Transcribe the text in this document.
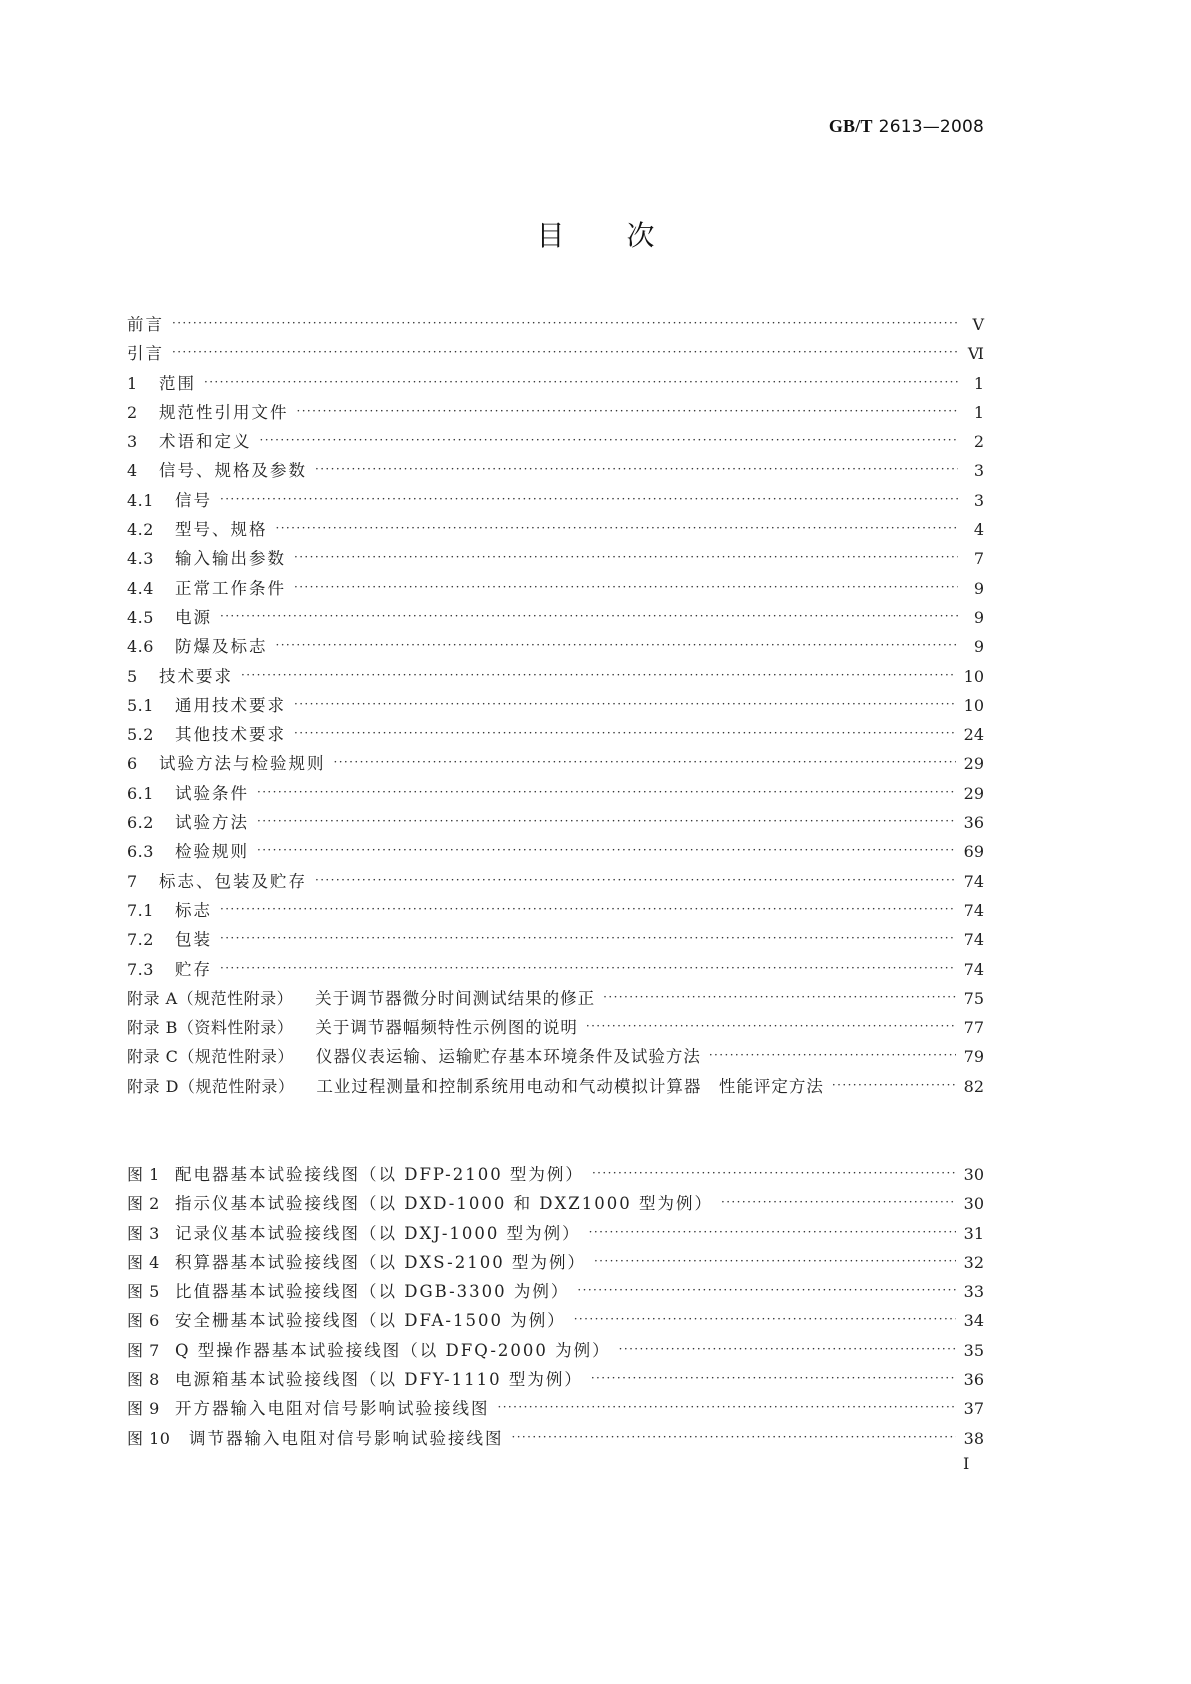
GB/T 2613—2008
目 次
前言 ·····	Ⅴ
引言 ·····	Ⅵ
1	范围 ·····	1
2	规范性引用文件 ·····	1
3	术语和定义 ·····	2
4	信号、规格及参数 ·····	3
4.1	信号 ·····	3
4.2	型号、规格 ·····	4
4.3	输入输出参数 ·····	7
4.4	正常工作条件 ·····	9
4.5	电源 ·····	9
4.6	防爆及标志 ·····	9
5	技术要求 ·····	10
5.1	通用技术要求 ·····	10
5.2	其他技术要求 ·····	24
6	试验方法与检验规则 ·····	29
6.1	试验条件 ·····	29
6.2	试验方法 ·····	36
6.3	检验规则 ·····	69
7	标志、包装及贮存 ·····	74
7.1	标志 ·····	74
7.2	包装 ·····	74
7.3	贮存 ·····	74
附录 A（规范性附录） 关于调节器微分时间测试结果的修正 ·····	75
附录 B（资料性附录） 关于调节器幅频特性示例图的说明 ·····	77
附录 C（规范性附录） 仪器仪表运输、运输贮存基本环境条件及试验方法 ·····	79
附录 D（规范性附录） 工业过程测量和控制系统用电动和气动模拟计算器　性能评定方法 ·····	82
图 1 配电器基本试验接线图（以 DFP-2100 型为例） ·····	30
图 2 指示仪基本试验接线图（以 DXD-1000 和 DXZ1000 型为例） ·····	30
图 3 记录仪基本试验接线图（以 DXJ-1000 型为例） ·····	31
图 4 积算器基本试验接线图（以 DXS-2100 型为例） ·····	32
图 5 比值器基本试验接线图（以 DGB-3300 为例） ·····	33
图 6 安全栅基本试验接线图（以 DFA-1500 为例） ·····	34
图 7 Q 型操作器基本试验接线图（以 DFQ-2000 为例） ·····	35
图 8 电源箱基本试验接线图（以 DFY-1110 型为例） ·····	36
图 9 开方器输入电阻对信号影响试验接线图 ·····	37
图 10	调节器输入电阻对信号影响试验接线图 ·····	38
I
